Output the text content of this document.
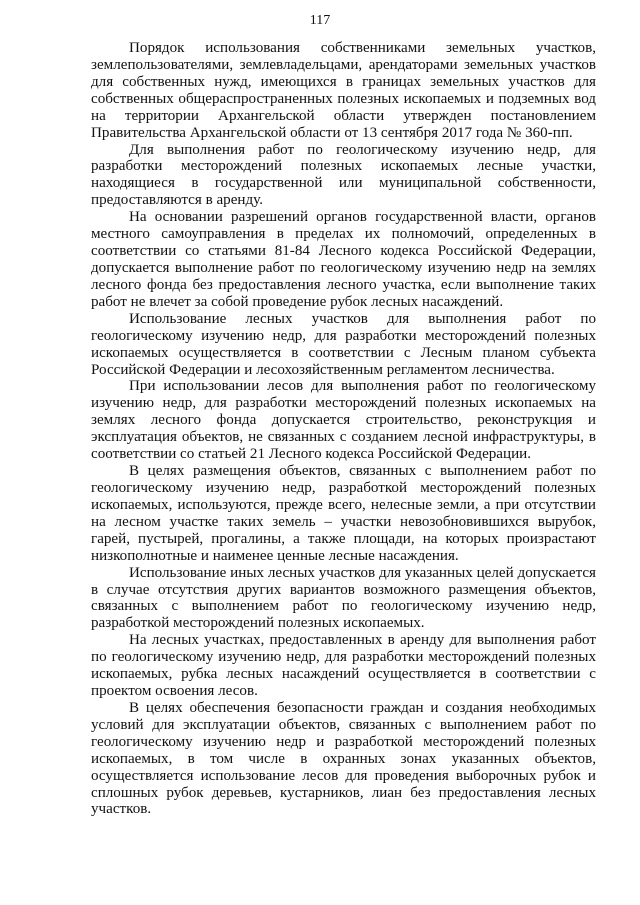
117

Порядок использования собственниками земельных участков, землепользователями, землевладельцами, арендаторами земельных участков для собственных нужд, имеющихся в границах земельных участков для собственных общераспространенных полезных ископаемых и подземных вод на территории Архангельской области утвержден постановлением Правительства Архангельской области от 13 сентября 2017 года № 360-пп.

Для выполнения работ по геологическому изучению недр, для разработки месторождений полезных ископаемых лесные участки, находящиеся в государственной или муниципальной собственности, предоставляются в аренду.

На основании разрешений органов государственной власти, органов местного самоуправления в пределах их полномочий, определенных в соответствии со статьями 81-84 Лесного кодекса Российской Федерации, допускается выполнение работ по геологическому изучению недр на землях лесного фонда без предоставления лесного участка, если выполнение таких работ не влечет за собой проведение рубок лесных насаждений.

Использование лесных участков для выполнения работ по геологическому изучению недр, для разработки месторождений полезных ископаемых осуществляется в соответствии с Лесным планом субъекта Российской Федерации и лесохозяйственным регламентом лесничества.

При использовании лесов для выполнения работ по геологическому изучению недр, для разработки месторождений полезных ископаемых на землях лесного фонда допускается строительство, реконструкция и эксплуатация объектов, не связанных с созданием лесной инфраструктуры, в соответствии со статьей 21 Лесного кодекса Российской Федерации.

В целях размещения объектов, связанных с выполнением работ по геологическому изучению недр, разработкой месторождений полезных ископаемых, используются, прежде всего, нелесные земли, а при отсутствии на лесном участке таких земель – участки невозобновившихся вырубок, гарей, пустырей, прогалины, а также площади, на которых произрастают низкополнотные и наименее ценные лесные насаждения.

Использование иных лесных участков для указанных целей допускается в случае отсутствия других вариантов возможного размещения объектов, связанных с выполнением работ по геологическому изучению недр, разработкой месторождений полезных ископаемых.

На лесных участках, предоставленных в аренду для выполнения работ по геологическому изучению недр, для разработки месторождений полезных ископаемых, рубка лесных насаждений осуществляется в соответствии с проектом освоения лесов.

В целях обеспечения безопасности граждан и создания необходимых условий для эксплуатации объектов, связанных с выполнением работ по геологическому изучению недр и разработкой месторождений полезных ископаемых, в том числе в охранных зонах указанных объектов, осуществляется использование лесов для проведения выборочных рубок и сплошных рубок деревьев, кустарников, лиан без предоставления лесных участков.
